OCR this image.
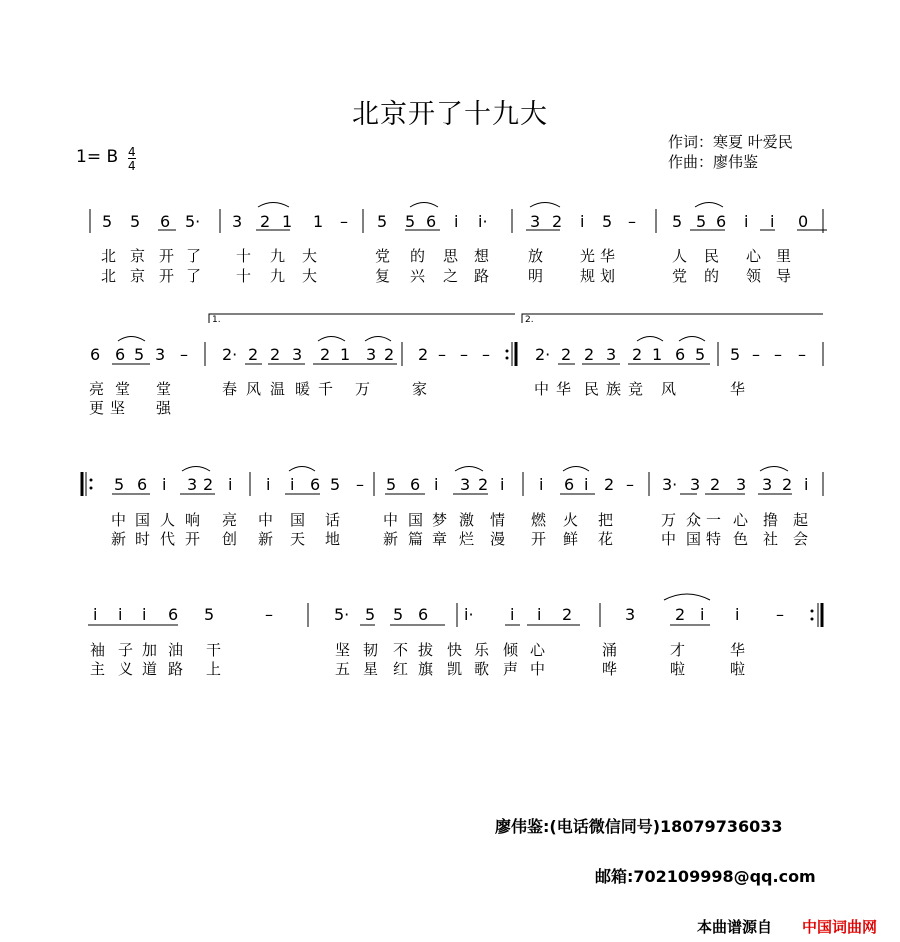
北京开了十九大
作词：寒夏 叶爱民
作曲：廖伟鉴
1= B 4
4
1.	2.
5 5 6 5· 3 2 1 1 – 5 5 6 i i·	3 2 i 5 – 5 5 6 i i 0
北 京 开 了 十 九 大	党 的 思 想	放 光 华	人 民 心 里
北 京 开 了 十 九 大	复 兴 之 路	明 规 划	党 的 领 导
6 6 5 3 – 2· 2 2 3 2 1 3 2 2 – – –	2· 2 2 3 2 1 6 5 5 – – –
亮 堂 堂	春 风 温 暖 千 万	家	中 华 民 族 竞 风	华
更 坚 强
5 6 i 3 2 i i i 6 5 – 5 6 i 3 2 i i 6 i 2 – 3· 3 2 3 3 2 i
中 国 人 响 亮 中 国 话	中 国 梦 激 情 燃 火 把	万 众 一 心 撸 起
新 时 代 开 创 新 天 地	新 篇 章 烂 漫 开 鲜 花	中 国 特 色 社 会
i i i 6 5	–	5· 5 5 6 i· i i 2	3 2 i i –
袖 子 加 油 干	坚 韧 不 拔 快 乐 倾 心	涌	才	华
主 义 道 路 上	五 星 红 旗 凯 歌 声 中	哗	啦	啦
廖伟鉴:(电话微信同号)18079736033
邮箱:702109998@qq.com
本曲谱源自 中国词曲网
